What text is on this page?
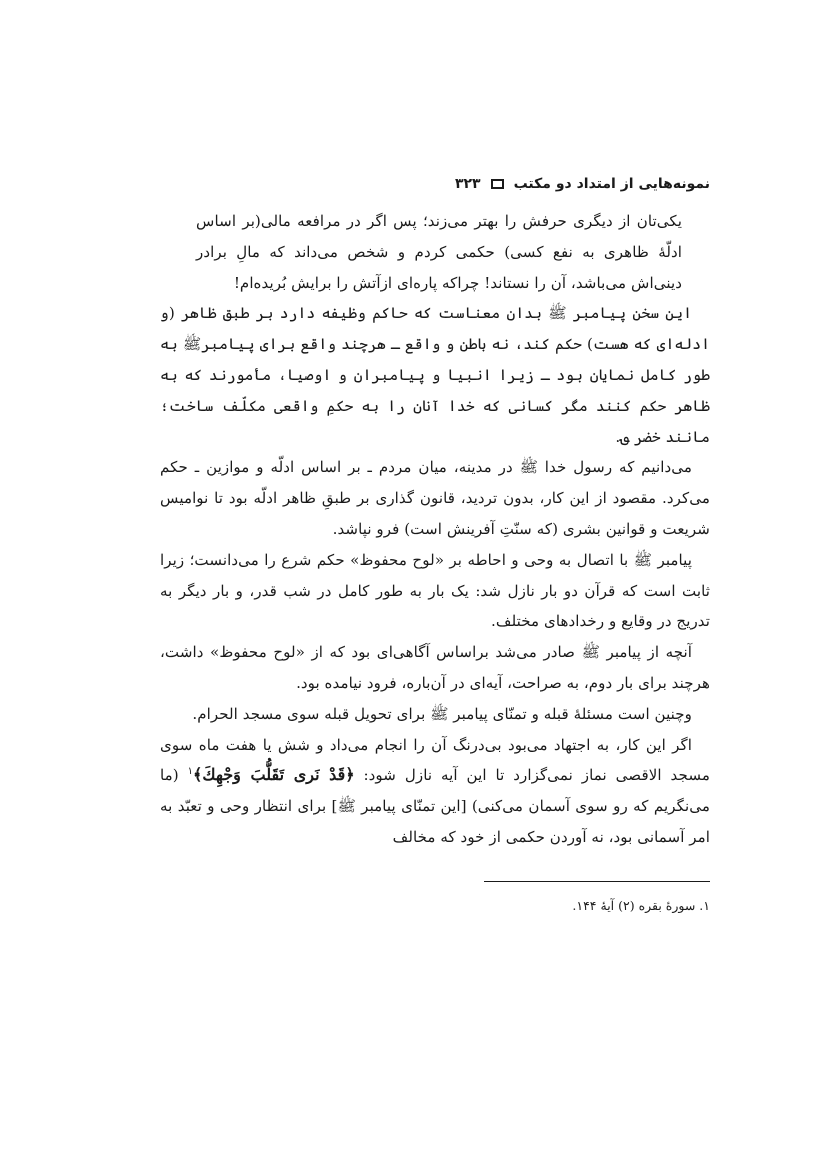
نمونه‌هایی از امتداد دو مکتب
۳۲۳

یکی‌تان از دیگری حرفش را بهتر می‌زند؛ پس اگر در مرافعه مالی(بر اساس ادلّهٔ ظاهری به نفع کسی) حکمی کردم و شخص می‌داند که مالِ برادر دینی‌اش می‌باشد، آن را نستاند! چراکه پاره‌ای ازآتش را برایش بُریده‌ام!

این سخن پیامبر ﷺ بدان معناست که حاکم وظیفه دارد بر طبق ظاهر (و ادله‌ای که هست) حکم کند، نه باطن و واقع ـ هرچند واقع برای پیامبرﷺ به طور کامل نمایان بود ـ زیرا انبیا و پیامبران و اوصیا، مأمورند که به ظاهر حکم کنند مگر کسانی که خدا آنان را به حکمِ واقعی مکلّف ساخت؛ مانند خضر ؈.

می‌دانیم که رسول خدا ﷺ در مدینه، میان مردم ـ بر اساس ادلّه و موازین ـ حکم می‌کرد. مقصود از این کار، بدون تردید، قانون گذاری بر طبقِ ظاهر ادلّه بود تا نوامیس شریعت و قوانین بشری (که سنّتِ آفرینش است) فرو نپاشد.

پیامبر ﷺ با اتصال به وحی و احاطه بر «لوح محفوظ» حکم شرع را می‌دانست؛ زیرا ثابت است که قرآن دو بار نازل شد: یک بار به طور کامل در شب قدر، و بار دیگر به تدریج در وقایع و رخدادهای مختلف.

آنچه از پیامبر ﷺ صادر می‌شد براساس آگاهی‌ای بود که از «لوح محفوظ» داشت، هرچند برای بار دوم، به صراحت، آیه‌ای در آن‌باره، فرود نیامده بود.

وچنین است مسئلهٔ قبله و تمنّای پیامبر ﷺ برای تحویل قبله سوی مسجد الحرام.

اگر این کار، به اجتهاد می‌بود بی‌درنگ آن را انجام می‌داد و شش یا هفت ماه سوی مسجد الاقصی نماز نمی‌گزارد تا این آیه نازل شود: ﴿قَدْ نَرى تَقَلُّبَ وَجْهِكَ﴾$^۱$ (ما می‌نگریم که رو سوی آسمان می‌کنی) [این تمنّای پیامبر ﷺ] برای انتظار وحی و تعبّد به امر آسمانی بود، نه آوردن حکمی از خود که مخالف

۱. سورهٔ بقره (۲) آیهٔ ۱۴۴.
